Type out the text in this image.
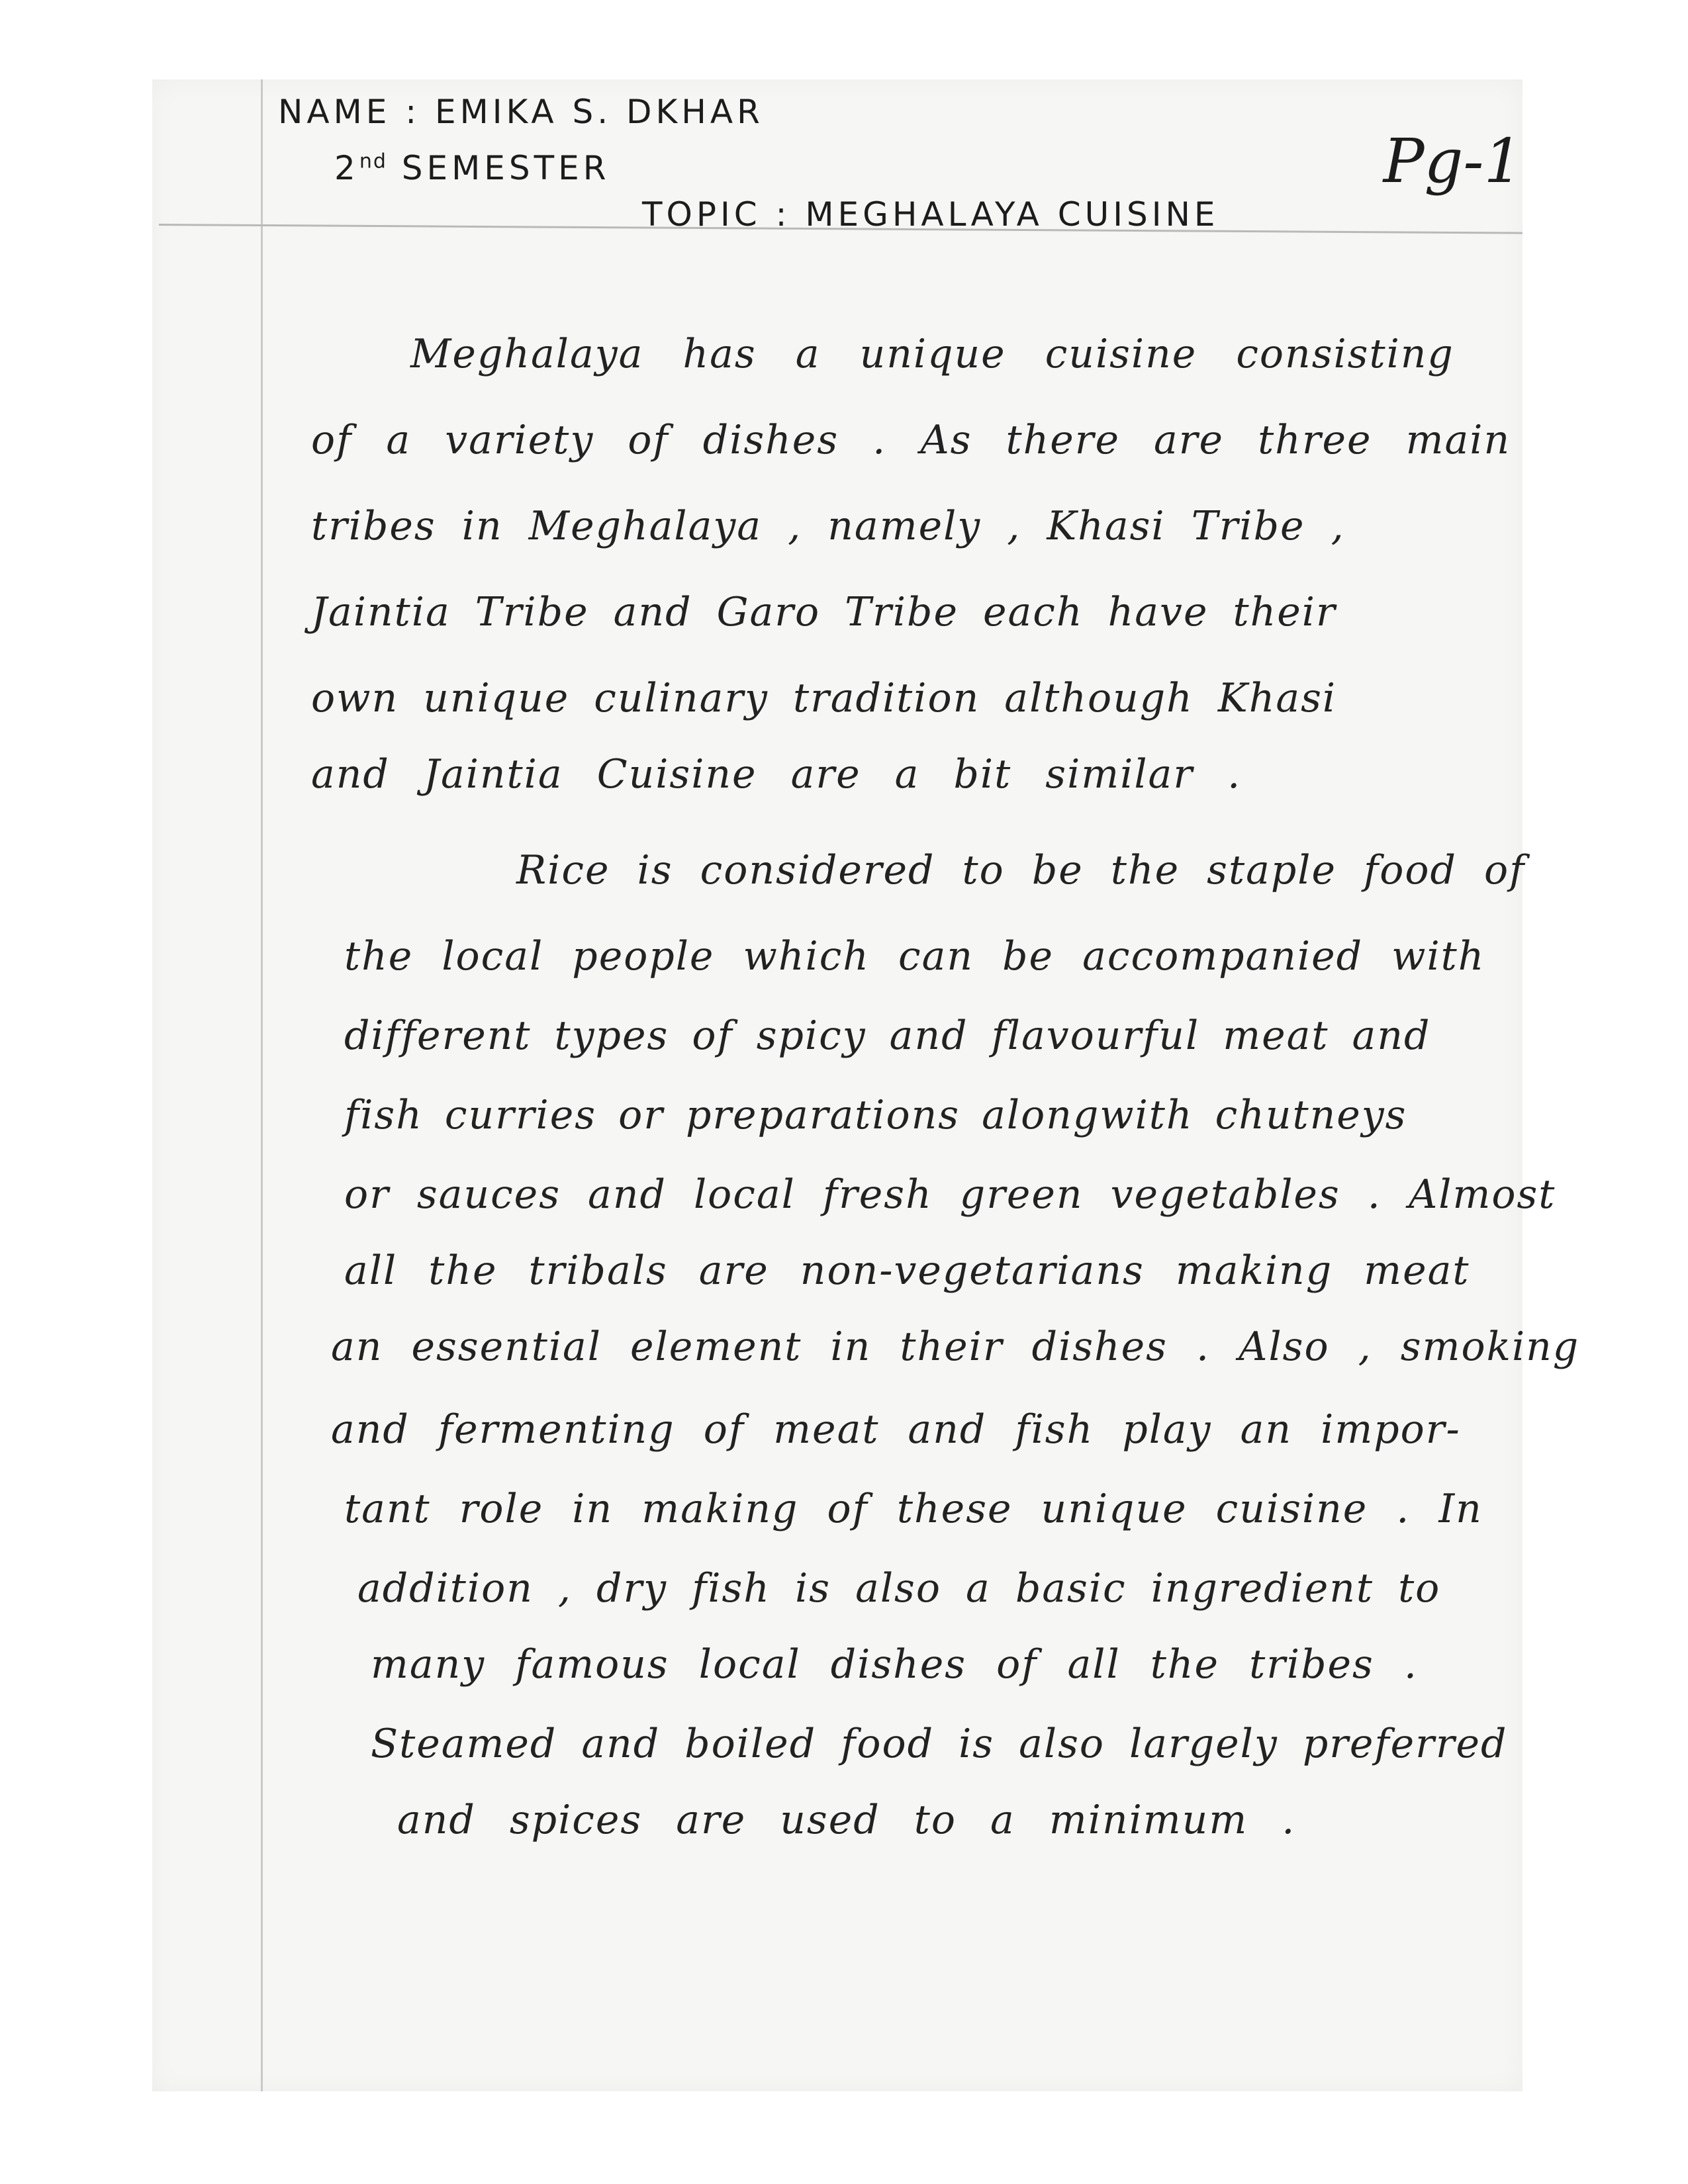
NAME : EMIKA S. DKHAR
2nd SEMESTER
TOPIC : MEGHALAYA CUISINE
Pg-1
Meghalaya has a unique cuisine consisting
of a variety of dishes . As there are three main
tribes in Meghalaya , namely , Khasi Tribe ,
Jaintia Tribe and Garo Tribe each have their
own unique culinary tradition although Khasi
and Jaintia Cuisine are a bit similar .
Rice is considered to be the staple food of
the local people which can be accompanied with
different types of spicy and flavourful meat and
fish curries or preparations alongwith chutneys
or sauces and local fresh green vegetables . Almost
all the tribals are non-vegetarians making meat
an essential element in their dishes . Also , smoking
and fermenting of meat and fish play an impor-
tant role in making of these unique cuisine . In
addition , dry fish is also a basic ingredient to
many famous local dishes of all the tribes .
Steamed and boiled food is also largely preferred
and spices are used to a minimum .
